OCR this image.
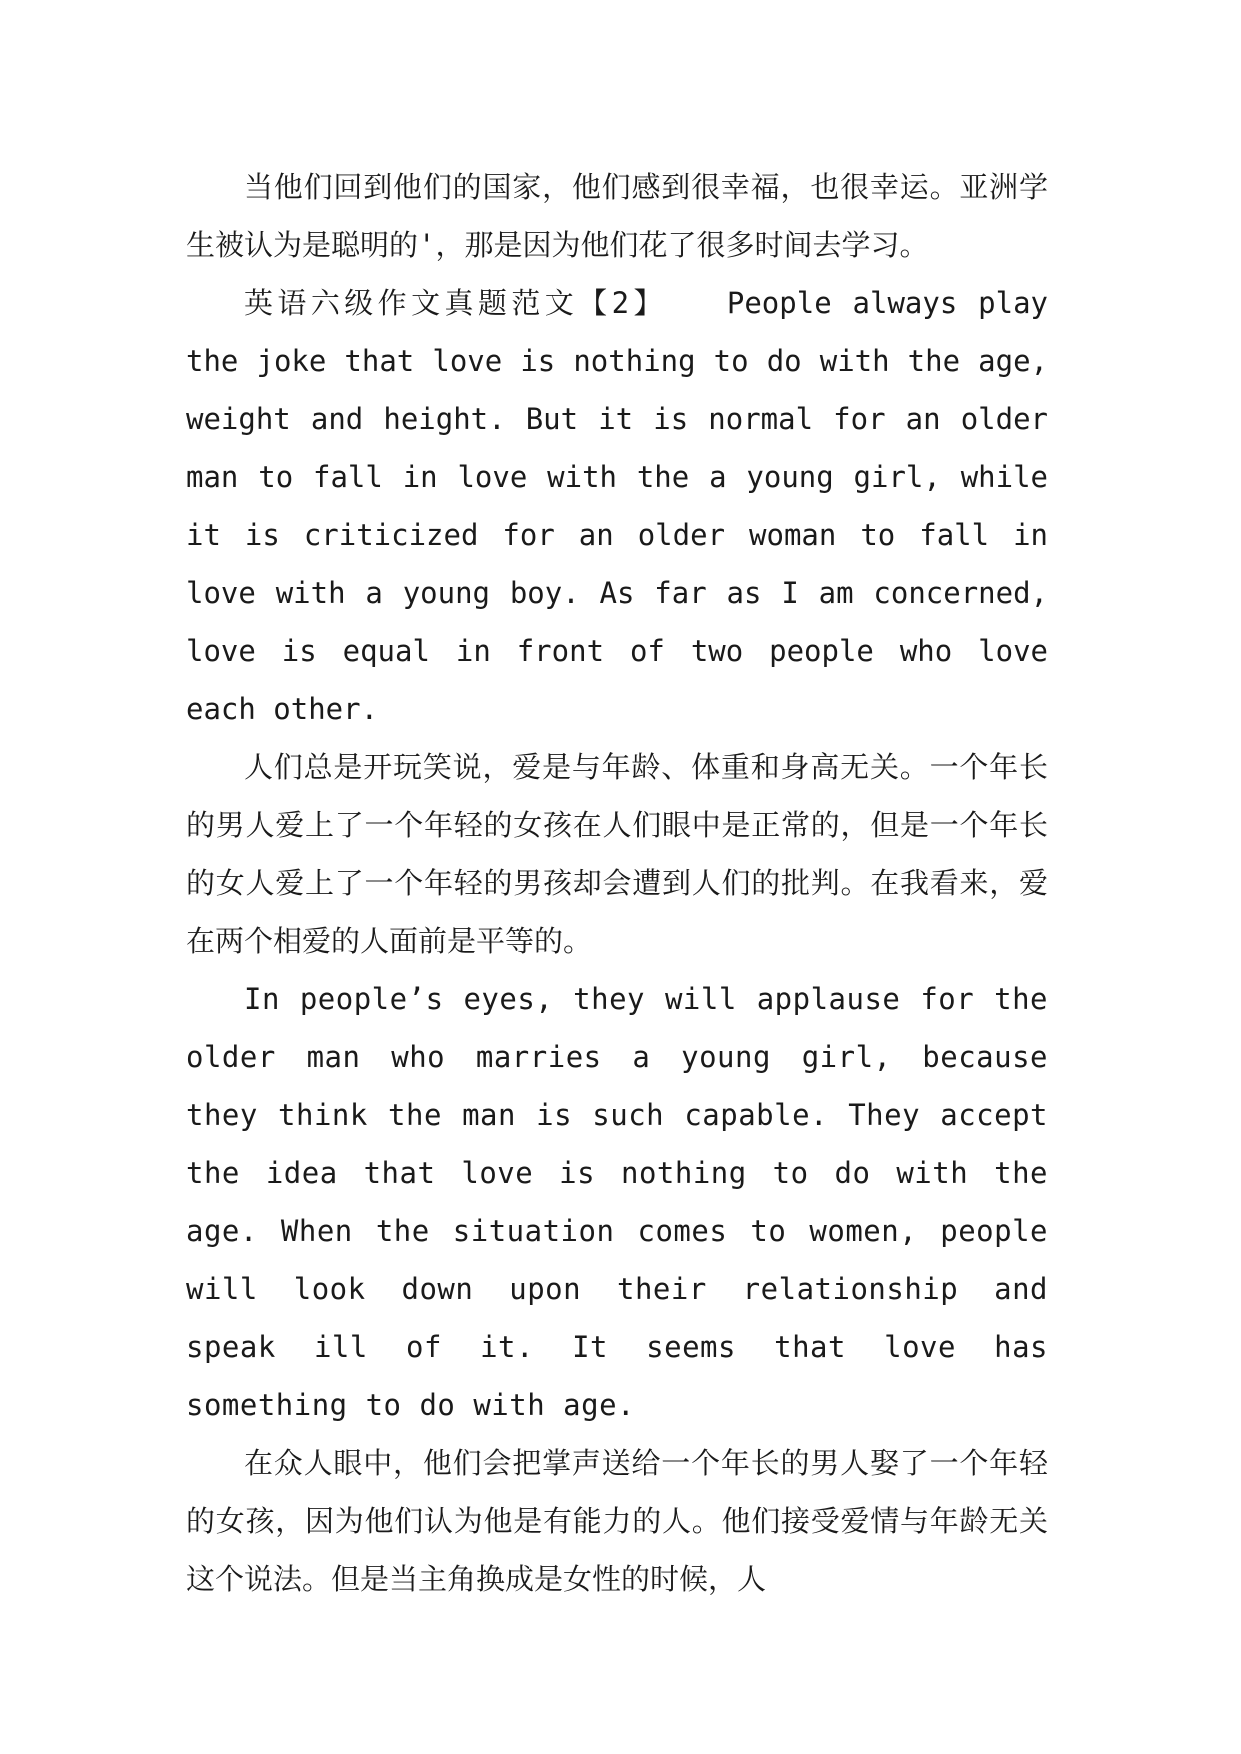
当他们回到他们的国家，他们感到很幸福，也很幸运。亚洲学生被认为是聪明的'，那是因为他们花了很多时间去学习。

英语六级作文真题范文【2】 People always play the joke that love is nothing to do with the age, weight and height. But it is normal for an older man to fall in love with the a young girl, while it is criticized for an older woman to fall in love with a young boy. As far as I am concerned, love is equal in front of two people who love each other.

人们总是开玩笑说，爱是与年龄、体重和身高无关。一个年长的男人爱上了一个年轻的女孩在人们眼中是正常的，但是一个年长的女人爱上了一个年轻的男孩却会遭到人们的批判。在我看来，爱在两个相爱的人面前是平等的。

In people’s eyes, they will applause for the older man who marries a young girl, because they think the man is such capable. They accept the idea that love is nothing to do with the age. When the situation comes to women, people will look down upon their relationship and speak ill of it. It seems that love has something to do with age.

在众人眼中，他们会把掌声送给一个年长的男人娶了一个年轻的女孩，因为他们认为他是有能力的人。他们接受爱情与年龄无关这个说法。但是当主角换成是女性的时候，人
